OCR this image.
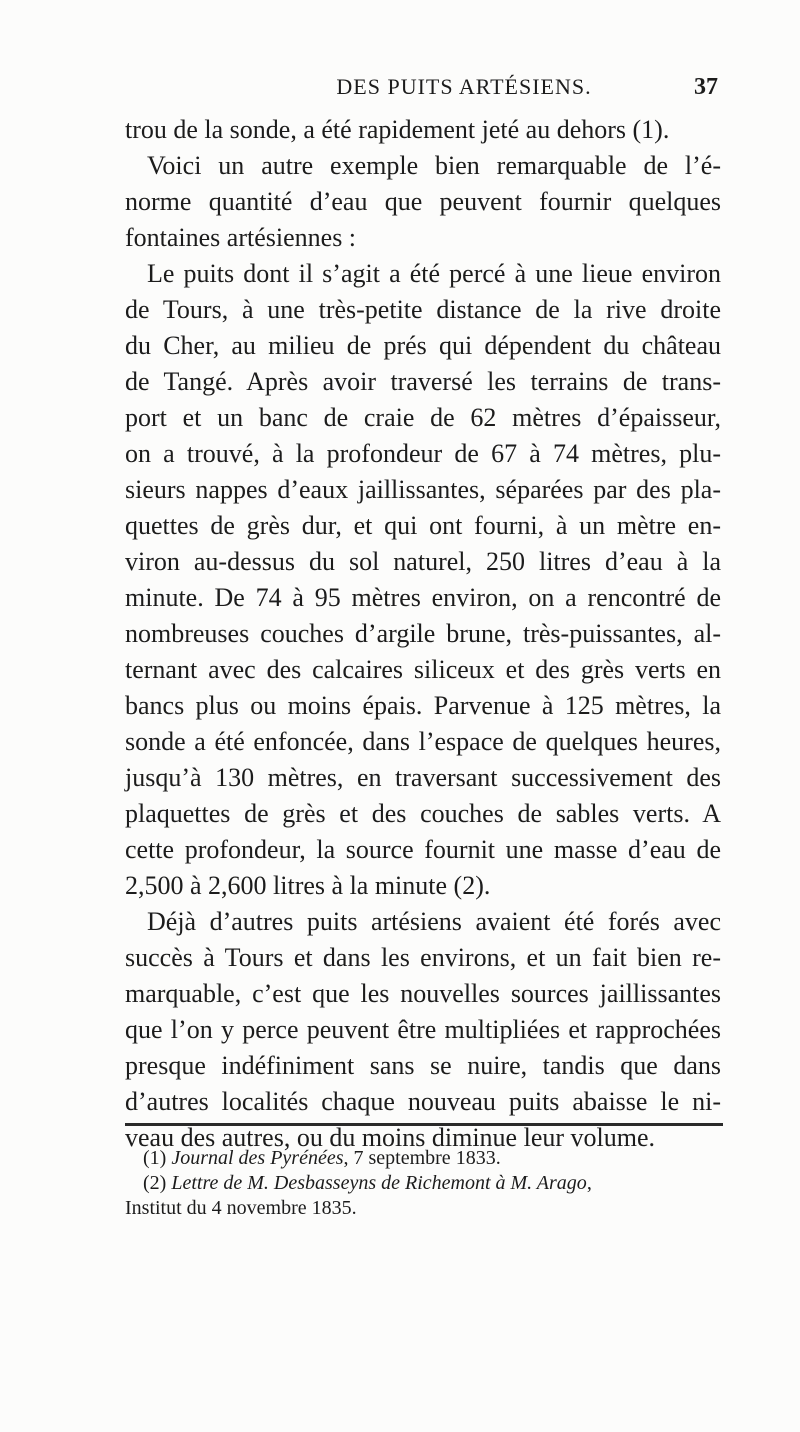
DES PUITS ARTÉSIENS.	37
trou de la sonde, a été rapidement jeté au dehors (1).
Voici un autre exemple bien remarquable de l’é-
norme quantité d’eau que peuvent fournir quelques
fontaines artésiennes :
Le puits dont il s’agit a été percé à une lieue environ
de Tours, à une très-petite distance de la rive droite
du Cher, au milieu de prés qui dépendent du château
de Tangé. Après avoir traversé les terrains de trans-
port et un banc de craie de 62 mètres d’épaisseur,
on a trouvé, à la profondeur de 67 à 74 mètres, plu-
sieurs nappes d’eaux jaillissantes, séparées par des pla-
quettes de grès dur, et qui ont fourni, à un mètre en-
viron au-dessus du sol naturel, 250 litres d’eau à la
minute. De 74 à 95 mètres environ, on a rencontré de
nombreuses couches d’argile brune, très-puissantes, al-
ternant avec des calcaires siliceux et des grès verts en
bancs plus ou moins épais. Parvenue à 125 mètres, la
sonde a été enfoncée, dans l’espace de quelques heures,
jusqu’à 130 mètres, en traversant successivement des
plaquettes de grès et des couches de sables verts. A
cette profondeur, la source fournit une masse d’eau de
2,500 à 2,600 litres à la minute (2).
Déjà d’autres puits artésiens avaient été forés avec
succès à Tours et dans les environs, et un fait bien re-
marquable, c’est que les nouvelles sources jaillissantes
que l’on y perce peuvent être multipliées et rapprochées
presque indéfiniment sans se nuire, tandis que dans
d’autres localités chaque nouveau puits abaisse le ni-
veau des autres, ou du moins diminue leur volume.
(1) Journal des Pyrénées, 7 septembre 1833.
(2) Lettre de M. Desbasseyns de Richemont à M. Arago,
Institut du 4 novembre 1835.
